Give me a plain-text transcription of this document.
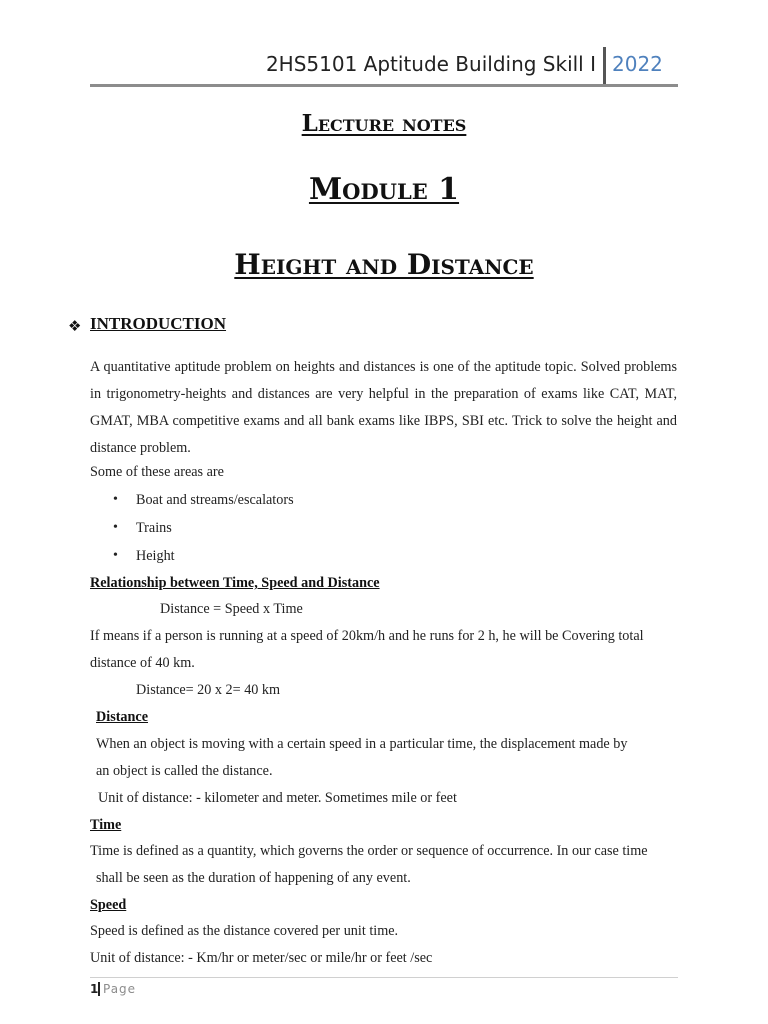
2HS5101 Aptitude Building Skill I 2022
Lecture notes
Module 1
Height and Distance
❖ INTRODUCTION
A quantitative aptitude problem on heights and distances is one of the aptitude topic. Solved problems in trigonometry-heights and distances are very helpful in the preparation of exams like CAT, MAT, GMAT, MBA competitive exams and all bank exams like IBPS, SBI etc. Trick to solve the height and distance problem.
Some of these areas are
• Boat and streams/escalators
• Trains
• Height
Relationship between Time, Speed and Distance
Distance = Speed x Time
If means if a person is running at a speed of 20km/h and he runs for 2 h, he will be Covering total
distance of 40 km.
Distance= 20 x 2= 40 km
Distance
When an object is moving with a certain speed in a particular time, the displacement made by
an object is called the distance.
Unit of distance: - kilometer and meter. Sometimes mile or feet
Time
Time is defined as a quantity, which governs the order or sequence of occurrence. In our case time
shall be seen as the duration of happening of any event.
Speed
Speed is defined as the distance covered per unit time.
Unit of distance: - Km/hr or meter/sec or mile/hr or feet /sec
1 Page
